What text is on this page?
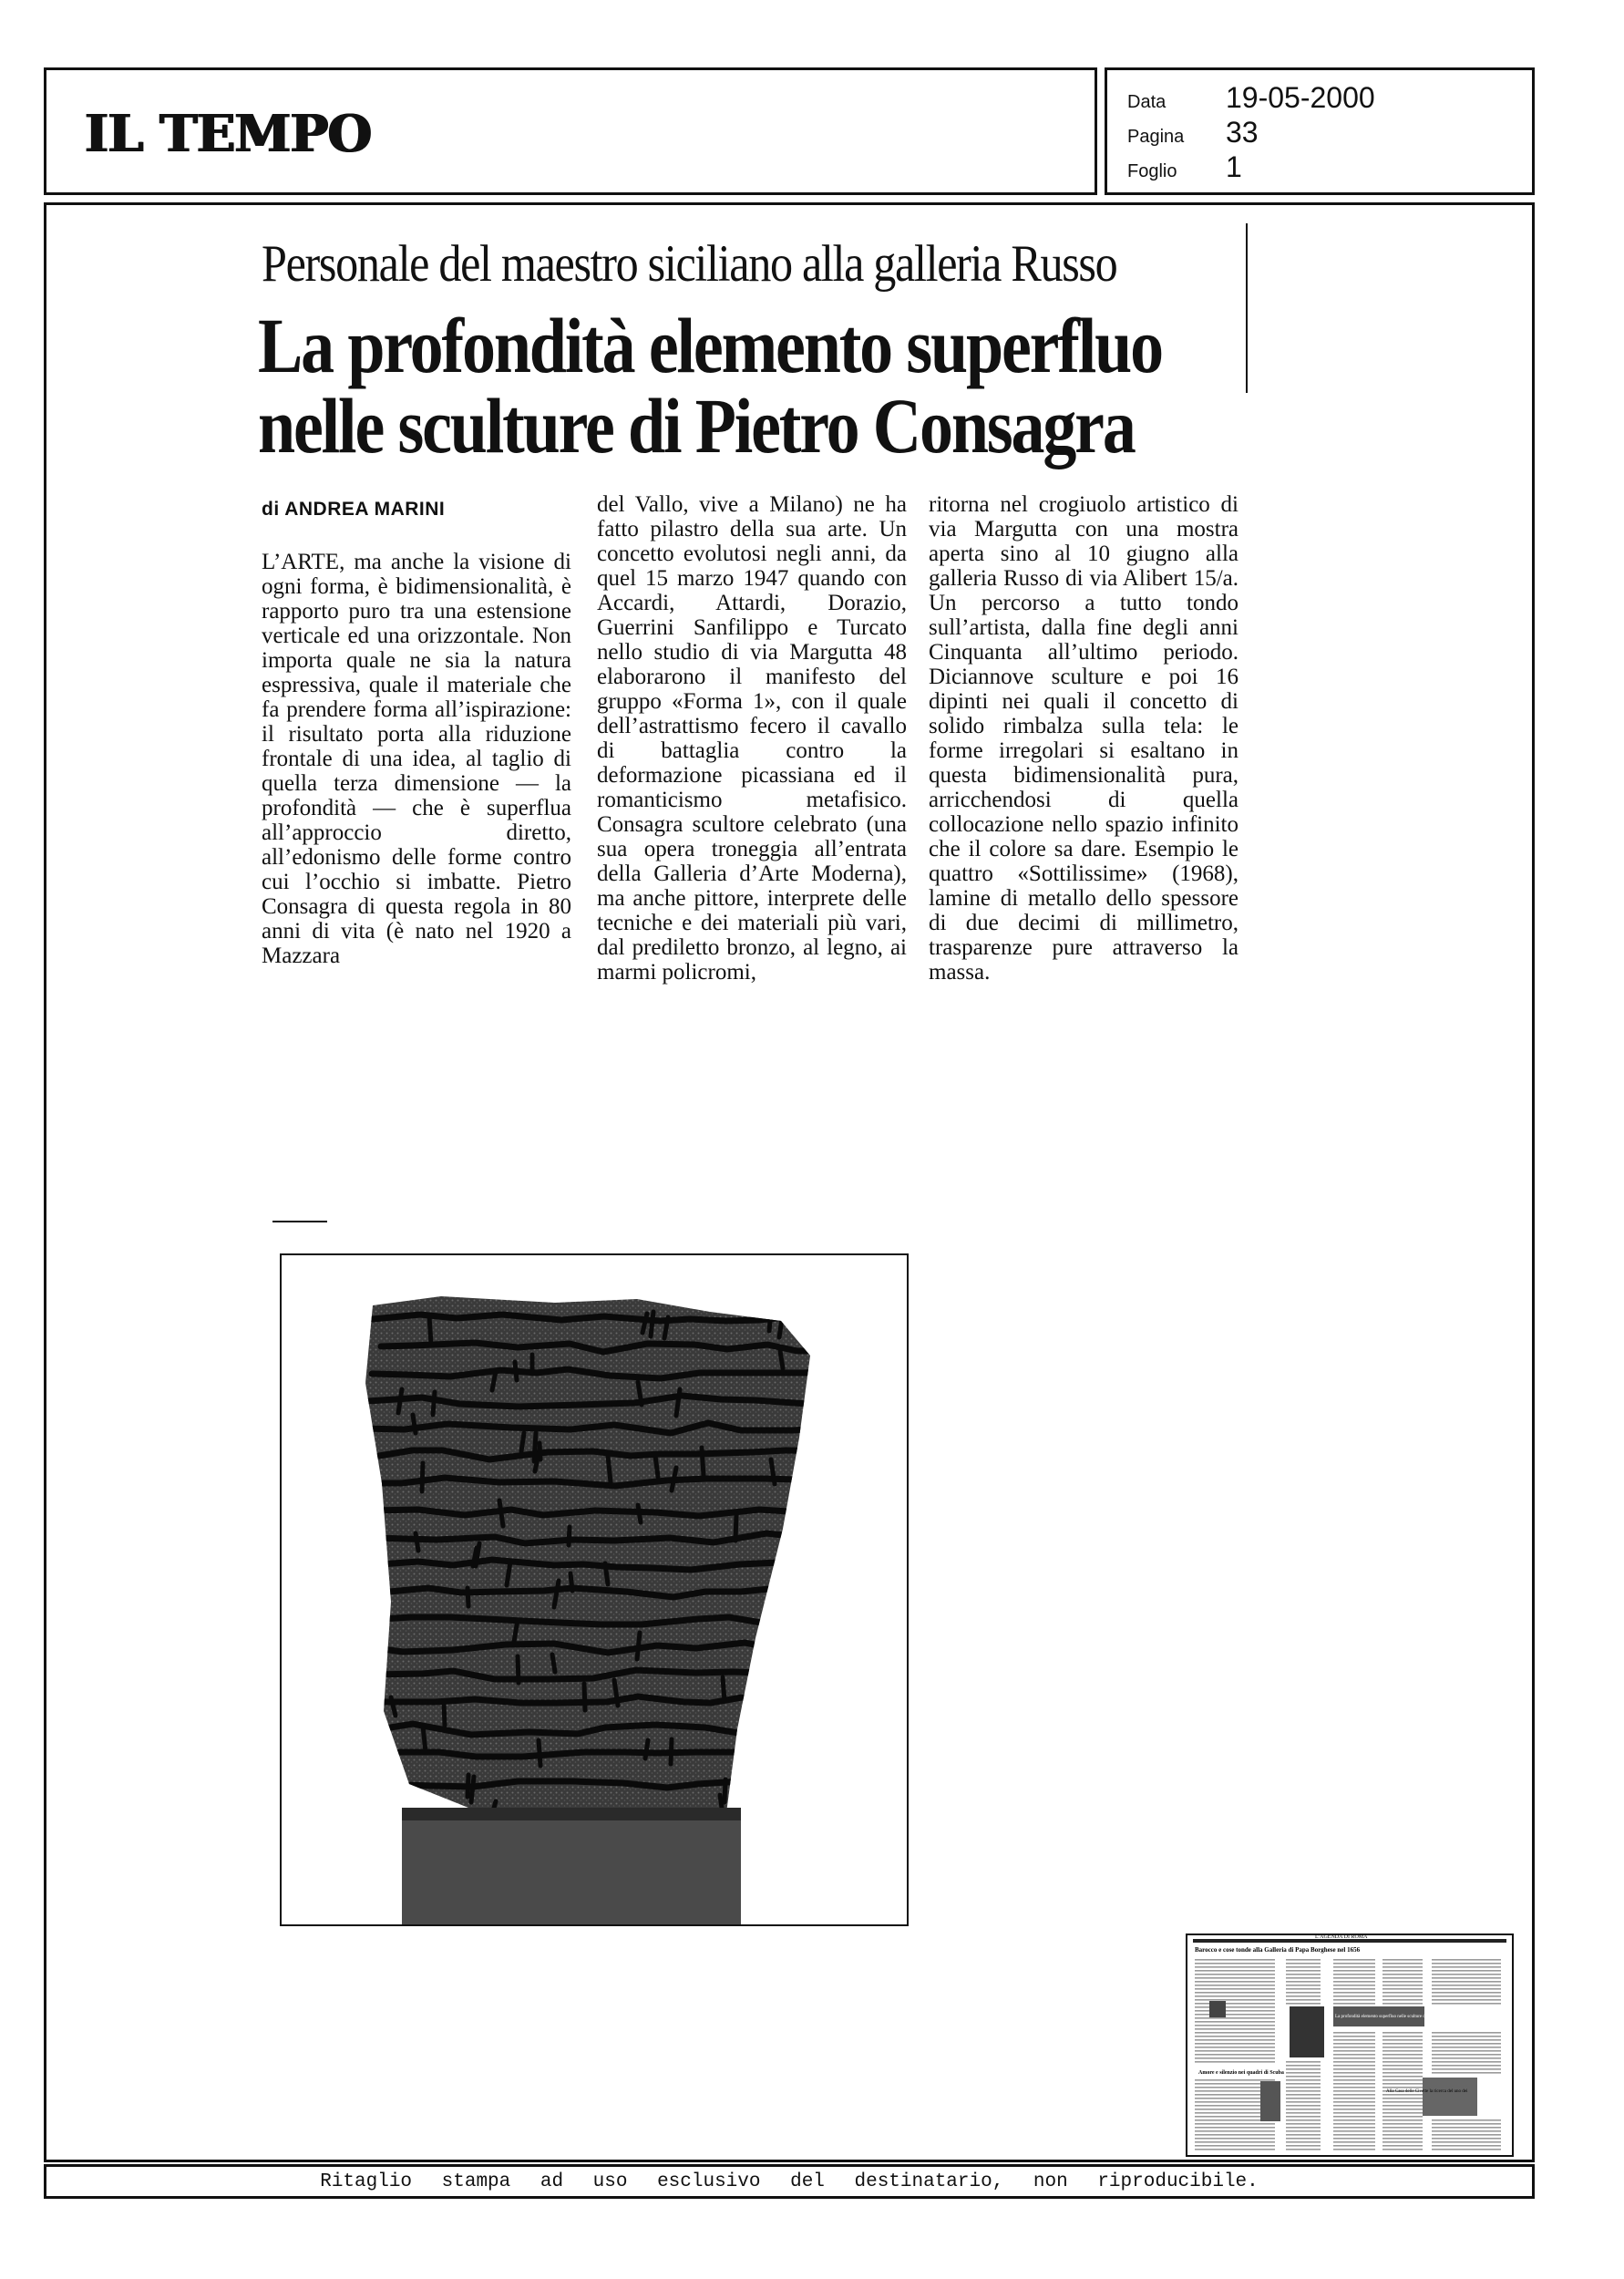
IL TEMPO
Data	19-05-2000
Pagina	33
Foglio	1
Personale del maestro siciliano alla galleria Russo
La profondità elemento superfluo
nelle sculture di Pietro Consagra
di ANDREA MARINI
L’ARTE, ma anche la visione di ogni forma, è bidimensionalità, è rapporto puro tra una estensione verticale ed una orizzontale. Non importa quale ne sia la natura espressiva, quale il materiale che fa prendere forma all’ispirazione: il risultato porta alla riduzione frontale di una idea, al taglio di quella terza dimensione — la profondità — che è superflua all’approccio diretto, all’edonismo delle forme contro cui l’occhio si imbatte. Pietro Consagra di questa regola in 80 anni di vita (è nato nel 1920 a Mazzara
del Vallo, vive a Milano) ne ha fatto pilastro della sua arte. Un concetto evolutosi negli anni, da quel 15 marzo 1947 quando con Accardi, Attardi, Dorazio, Guerrini Sanfilippo e Turcato nello studio di via Margutta 48 elaborarono il manifesto del gruppo «Forma 1», con il quale dell’astrattismo fecero il cavallo di battaglia contro la deformazione picassiana ed il romanticismo metafisico. Consagra scultore celebrato (una sua opera troneggia all’entrata della Galleria d’Arte Moderna), ma anche pittore, interprete delle tecniche e dei materiali più vari, dal prediletto bronzo, al legno, ai marmi policromi,
ritorna nel crogiuolo artistico di via Margutta con una mostra aperta sino al 10 giugno alla galleria Russo di via Alibert 15/a. Un percorso a tutto tondo sull’artista, dalla fine degli anni Cinquanta all’ultimo periodo. Diciannove sculture e poi 16 dipinti nei quali il concetto di solido rimbalza sulla tela: le forme irregolari si esaltano in questa bidimensionalità pura, arricchendosi di quella collocazione nello spazio infinito che il colore sa dare. Esempio le quattro «Sottilissime» (1968), lamine di metallo dello spessore di due decimi di millimetro, trasparenze pure attraverso la massa.
L’AGENDA DI ROMA
Barocco e cose tonde alla Galleria di Papa Borghese nel 1656
La profondità elemento superfluo nelle sculture di Pietro Consagra
Amore e silenzio nei quadri di Scuba
Alla Casa delle Civette la ricerca del uno dei
Ritaglio stampa ad uso esclusivo del destinatario, non riproducibile.
